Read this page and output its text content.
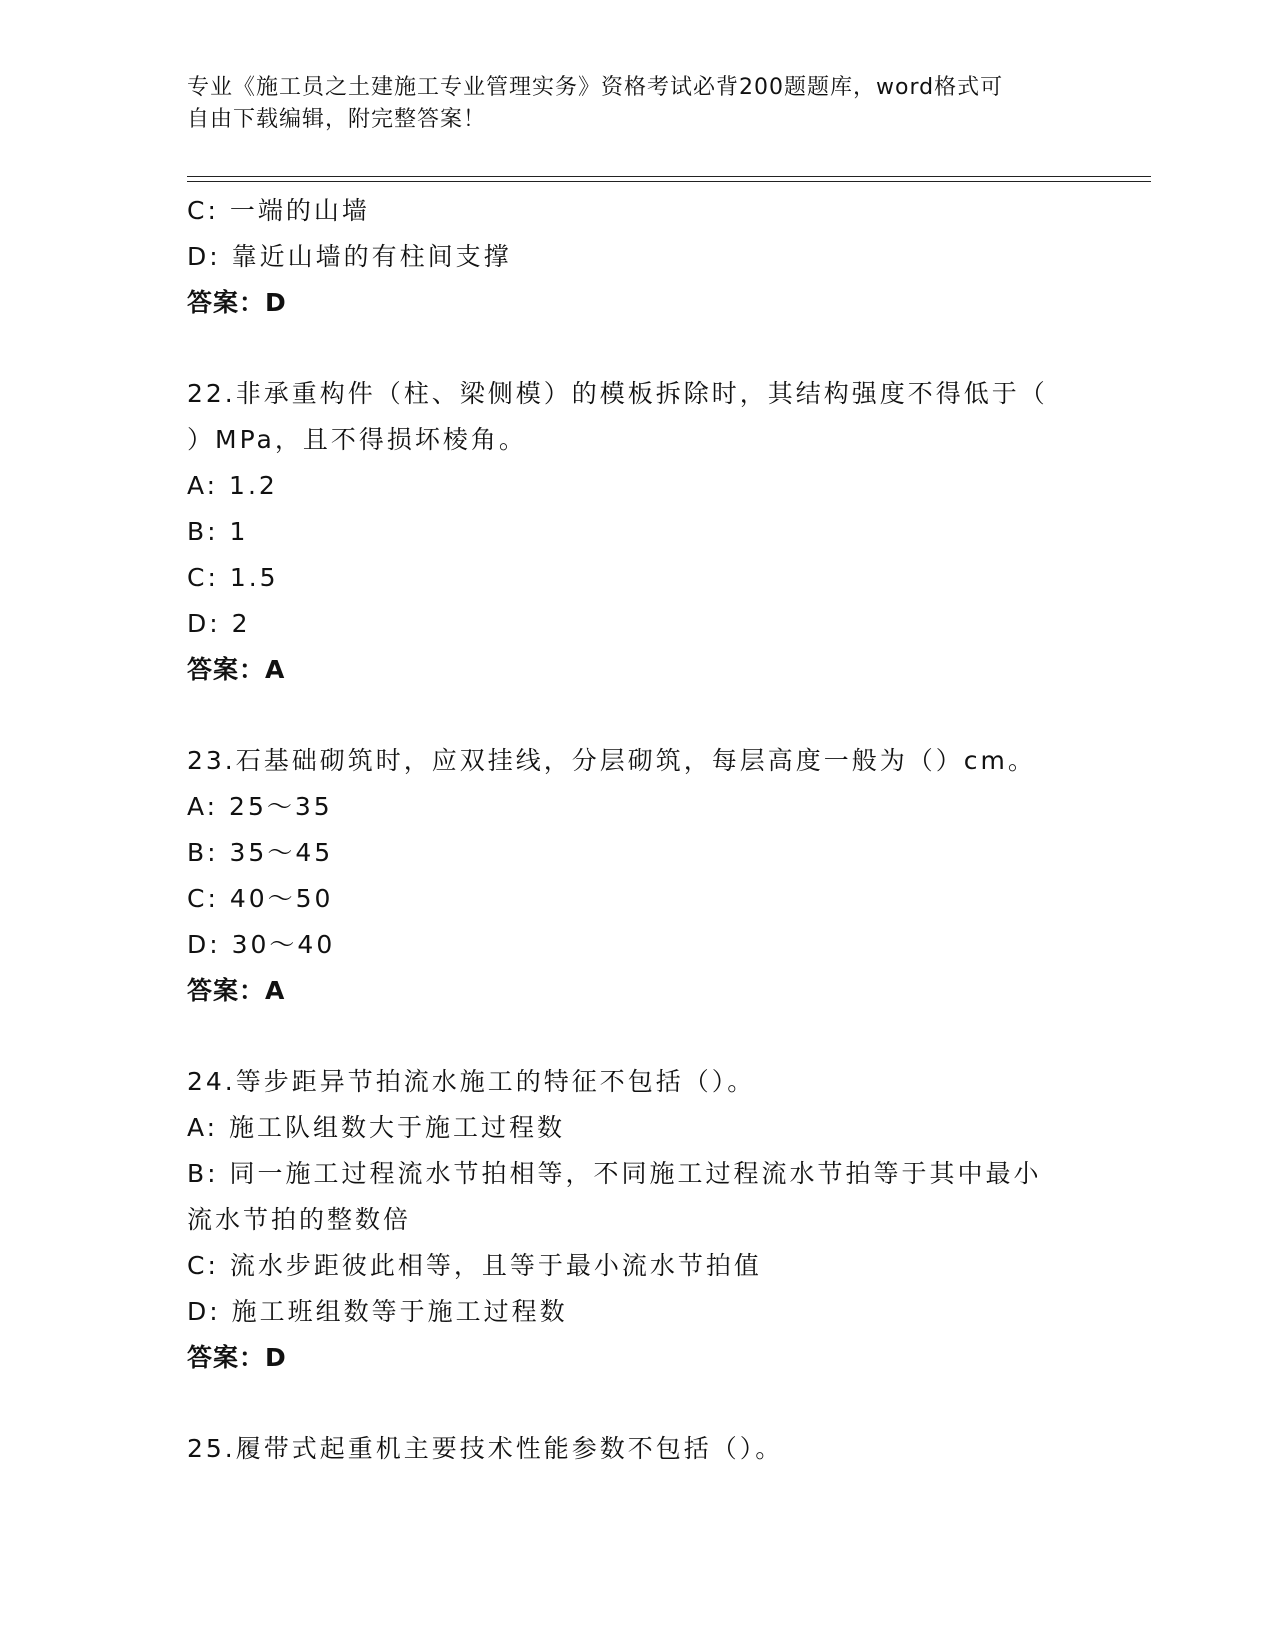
专业《施工员之土建施工专业管理实务》资格考试必背200题题库，word格式可
自由下载编辑，附完整答案！
C: 一端的山墙
D: 靠近山墙的有柱间支撑
答案：D
22.非承重构件（柱、梁侧模）的模板拆除时，其结构强度不得低于（
）MPa，且不得损坏棱角。
A: 1.2
B: 1
C: 1.5
D: 2
答案：A
23.石基础砌筑时，应双挂线，分层砌筑，每层高度一般为（）cm。
A: 25～35
B: 35～45
C: 40～50
D: 30～40
答案：A
24.等步距异节拍流水施工的特征不包括（）。
A: 施工队组数大于施工过程数
B: 同一施工过程流水节拍相等，不同施工过程流水节拍等于其中最小
流水节拍的整数倍
C: 流水步距彼此相等，且等于最小流水节拍值
D: 施工班组数等于施工过程数
答案：D
25.履带式起重机主要技术性能参数不包括（）。
